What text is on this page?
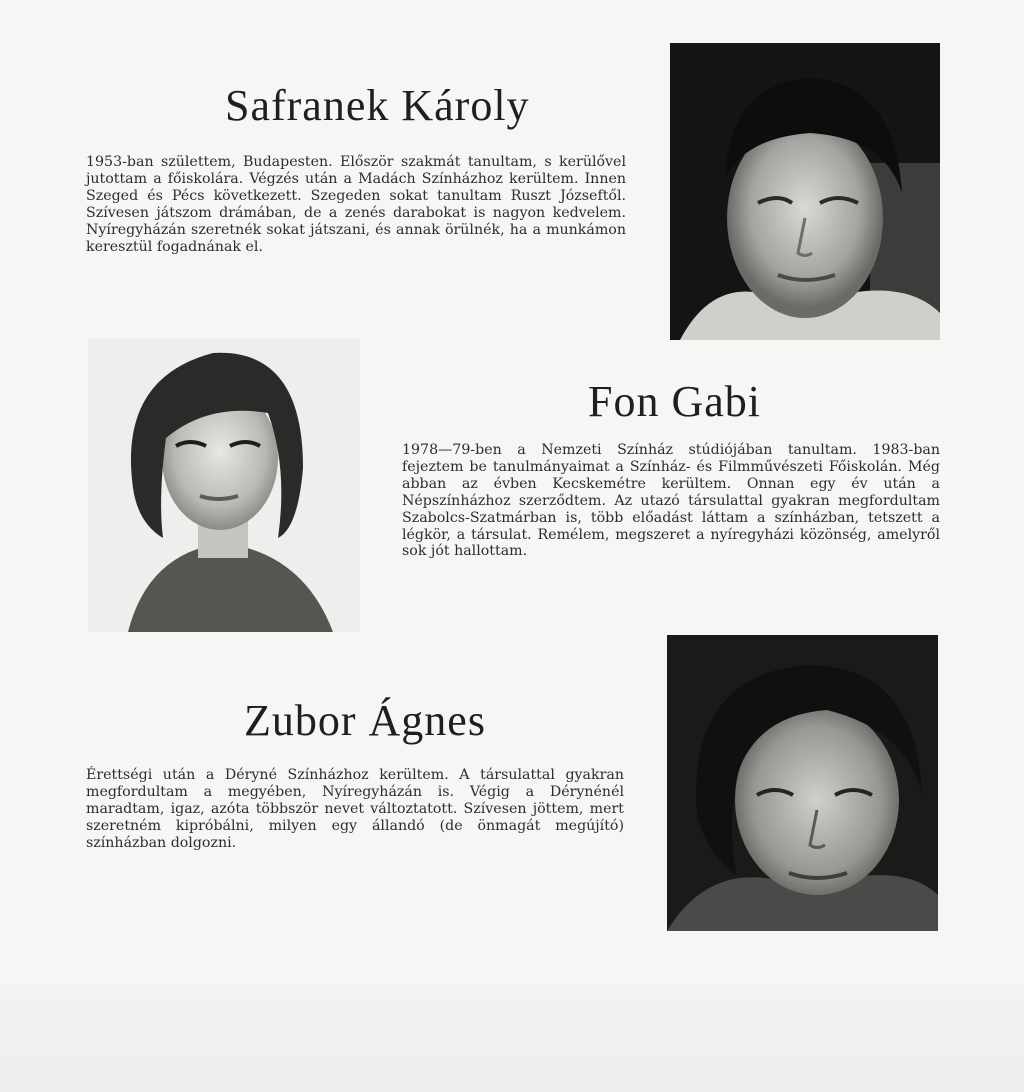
Safranek Károly

1953-ban születtem, Budapesten. Először szakmát tanultam, s kerülővel jutottam a főiskolára. Végzés után a Madách Színházhoz kerültem. Innen Szeged és Pécs következett. Szegeden sokat tanultam Ruszt Józseftől. Szívesen játszom drámában, de a zenés darabokat is nagyon kedvelem. Nyíregyházán szeretnék sokat játszani, és annak örülnék, ha a munkámon keresztül fogadnának el.

Fon Gabi

1978—79-ben a Nemzeti Színház stúdiójában tanultam. 1983-ban fejeztem be tanulmányaimat a Színház- és Filmművészeti Főiskolán. Még abban az évben Kecskemétre kerültem. Onnan egy év után a Népszínházhoz szerződtem. Az utazó társulattal gyakran megfordultam Szabolcs-Szatmárban is, több előadást láttam a színházban, tetszett a légkör, a társulat. Remélem, megszeret a nyíregyházi közönség, amelyről sok jót hallottam.

Zubor Ágnes

Érettségi után a Déryné Színházhoz kerültem. A társulattal gyakran megfordultam a megyében, Nyíregyházán is. Végig a Dérynénél maradtam, igaz, azóta többször nevet változtatott. Szívesen jöttem, mert szeretném kipróbálni, milyen egy állandó (de önmagát megújító) színházban dolgozni.
